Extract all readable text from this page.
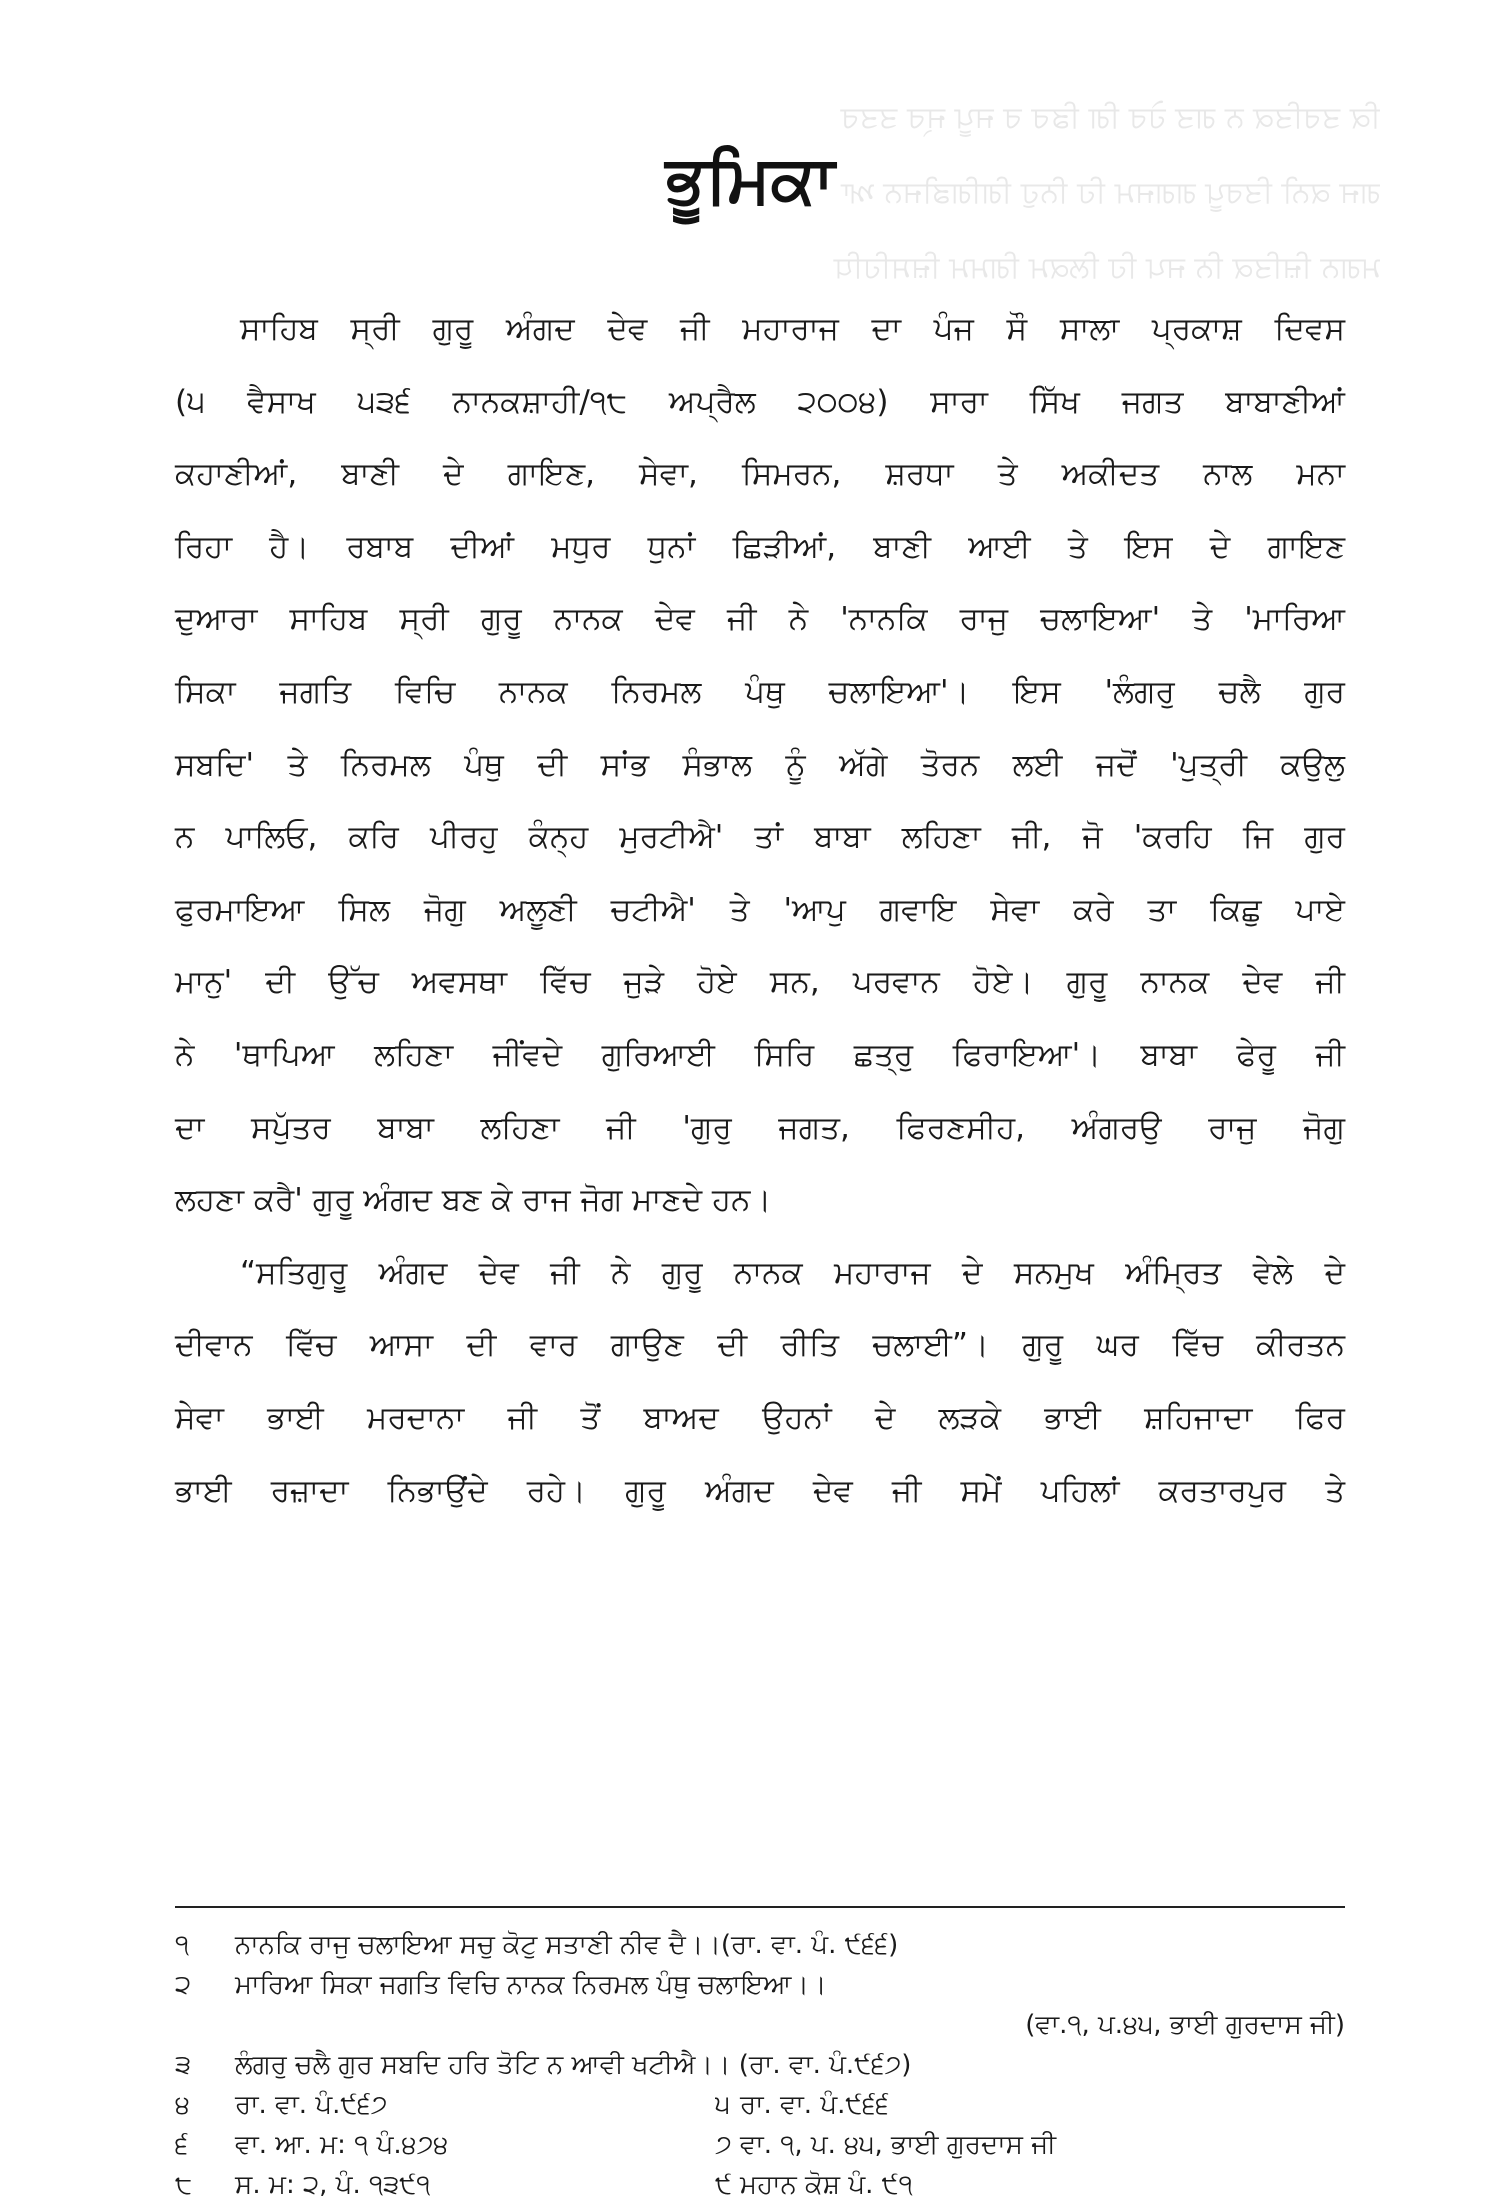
ਕਿ ਤਰਤਿਕ ਨ ਗਤ ਹੇਰ ਗਿ ਡਿਰ ਰ ਜਪੂ ਜ੍ਰ ਤਤਰ
ਗਜ ਕਨੀ ਤਿਰਪੂ ਗਗਜਮ ਹਿ ਨਿਹੁ ਗਿਗਿਡੀਜਨ ਆ
ਮਗਨ ਜ਼ਿਤਿਕ ਨਿ ਜਪ ਹਿ ਲਿਕਮ ਗਿਮਮ ਜ਼ਿਸਹਿਧਿ
ਭੂਮਿਕਾ
ਸਾਹਿਬ ਸ੍ਰੀ ਗੁਰੂ ਅੰਗਦ ਦੇਵ ਜੀ ਮਹਾਰਾਜ ਦਾ ਪੰਜ ਸੌ ਸਾਲਾ ਪ੍ਰਕਾਸ਼ ਦਿਵਸ
(੫ ਵੈਸਾਖ ੫੩੬ ਨਾਨਕਸ਼ਾਹੀ/੧੮ ਅਪ੍ਰੈਲ ੨੦੦੪) ਸਾਰਾ ਸਿੱਖ ਜਗਤ ਬਾਬਾਣੀਆਂ
ਕਹਾਣੀਆਂ, ਬਾਣੀ ਦੇ ਗਾਇਣ, ਸੇਵਾ, ਸਿਮਰਨ, ਸ਼ਰਧਾ ਤੇ ਅਕੀਦਤ ਨਾਲ ਮਨਾ
ਰਿਹਾ ਹੈ। ਰਬਾਬ ਦੀਆਂ ਮਧੁਰ ਧੁਨਾਂ ਛਿੜੀਆਂ, ਬਾਣੀ ਆਈ ਤੇ ਇਸ ਦੇ ਗਾਇਣ
ਦੁਆਰਾ ਸਾਹਿਬ ਸ੍ਰੀ ਗੁਰੂ ਨਾਨਕ ਦੇਵ ਜੀ ਨੇ 'ਨਾਨਕਿ ਰਾਜੁ ਚਲਾਇਆ' ਤੇ 'ਮਾਰਿਆ
ਸਿਕਾ ਜਗਤਿ ਵਿਚਿ ਨਾਨਕ ਨਿਰਮਲ ਪੰਥੁ ਚਲਾਇਆ'। ਇਸ 'ਲੰਗਰੁ ਚਲੈ ਗੁਰ
ਸਬਦਿ' ਤੇ ਨਿਰਮਲ ਪੰਥੁ ਦੀ ਸਾਂਭ ਸੰਭਾਲ ਨੂੰ ਅੱਗੇ ਤੋਰਨ ਲਈ ਜਦੋਂ 'ਪੁਤ੍ਰੀ ਕਉਲੁ
ਨ ਪਾਲਿਓ, ਕਰਿ ਪੀਰਹੁ ਕੰਨ੍ਹ ਮੁਰਟੀਐ' ਤਾਂ ਬਾਬਾ ਲਹਿਣਾ ਜੀ, ਜੋ 'ਕਰਹਿ ਜਿ ਗੁਰ
ਫੁਰਮਾਇਆ ਸਿਲ ਜੋਗੁ ਅਲੂਣੀ ਚਟੀਐ' ਤੇ 'ਆਪੁ ਗਵਾਇ ਸੇਵਾ ਕਰੇ ਤਾ ਕਿਛੁ ਪਾਏ
ਮਾਨੁ' ਦੀ ਉੱਚ ਅਵਸਥਾ ਵਿੱਚ ਜੁੜੇ ਹੋਏ ਸਨ, ਪਰਵਾਨ ਹੋਏ। ਗੁਰੂ ਨਾਨਕ ਦੇਵ ਜੀ
ਨੇ 'ਥਾਪਿਆ ਲਹਿਣਾ ਜੀਂਵਦੇ ਗੁਰਿਆਈ ਸਿਰਿ ਛਤ੍ਰੁ ਫਿਰਾਇਆ'। ਬਾਬਾ ਫੇਰੂ ਜੀ
ਦਾ ਸਪੁੱਤਰ ਬਾਬਾ ਲਹਿਣਾ ਜੀ 'ਗੁਰੁ ਜਗਤ, ਫਿਰਣਸੀਹ, ਅੰਗਰਉ ਰਾਜੁ ਜੋਗੁ
ਲਹਣਾ ਕਰੈ' ਗੁਰੂ ਅੰਗਦ ਬਣ ਕੇ ਰਾਜ ਜੋਗ ਮਾਣਦੇ ਹਨ।
“ਸਤਿਗੁਰੂ ਅੰਗਦ ਦੇਵ ਜੀ ਨੇ ਗੁਰੂ ਨਾਨਕ ਮਹਾਰਾਜ ਦੇ ਸਨਮੁਖ ਅੰਮ੍ਰਿਤ ਵੇਲੇ ਦੇ
ਦੀਵਾਨ ਵਿੱਚ ਆਸਾ ਦੀ ਵਾਰ ਗਾਉਣ ਦੀ ਰੀਤਿ ਚਲਾਈ”। ਗੁਰੂ ਘਰ ਵਿੱਚ ਕੀਰਤਨ
ਸੇਵਾ ਭਾਈ ਮਰਦਾਨਾ ਜੀ ਤੋਂ ਬਾਅਦ ਉਹਨਾਂ ਦੇ ਲੜਕੇ ਭਾਈ ਸ਼ਹਿਜਾਦਾ ਫਿਰ
ਭਾਈ ਰਜ਼ਾਦਾ ਨਿਭਾਉਂਦੇ ਰਹੇ। ਗੁਰੂ ਅੰਗਦ ਦੇਵ ਜੀ ਸਮੇਂ ਪਹਿਲਾਂ ਕਰਤਾਰਪੁਰ ਤੇ
੧	ਨਾਨਕਿ ਰਾਜੁ ਚਲਾਇਆ ਸਚੁ ਕੋਟੁ ਸਤਾਣੀ ਨੀਵ ਦੈ।।(ਰਾ. ਵਾ. ਪੰ. ੯੬੬)
੨	ਮਾਰਿਆ ਸਿਕਾ ਜਗਤਿ ਵਿਚਿ ਨਾਨਕ ਨਿਰਮਲ ਪੰਥੁ ਚਲਾਇਆ।।
(ਵਾ.੧, ਪ.੪੫, ਭਾਈ ਗੁਰਦਾਸ ਜੀ)
੩	ਲੰਗਰੁ ਚਲੈ ਗੁਰ ਸਬਦਿ ਹਰਿ ਤੋਟਿ ਨ ਆਵੀ ਖਟੀਐ।। (ਰਾ. ਵਾ. ਪੰ.੯੬੭)
੪	ਰਾ. ਵਾ. ਪੰ.੯੬੭	੫ ਰਾ. ਵਾ. ਪੰ.੯੬੬
੬	ਵਾ. ਆ. ਮ: ੧ ਪੰ.੪੭੪	੭ ਵਾ. ੧, ਪ. ੪੫, ਭਾਈ ਗੁਰਦਾਸ ਜੀ
੮	ਸ. ਮ: ੨, ਪੰ. ੧੩੯੧	੯ ਮਹਾਨ ਕੋਸ਼ ਪੰ. ੯੧
